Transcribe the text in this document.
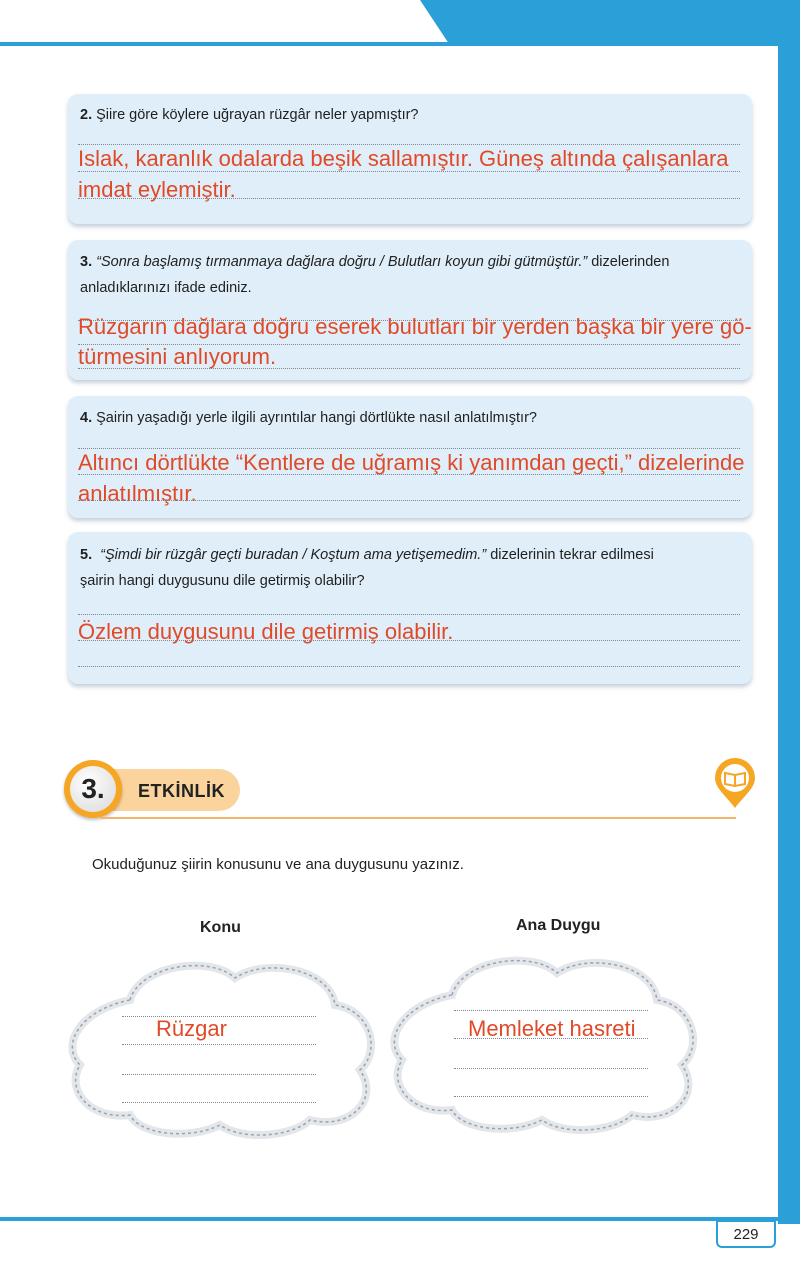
229
2. Şiire göre köylere uğrayan rüzgâr neler yapmıştır?
Islak, karanlık odalarda beşik sallamıştır. Güneş altında çalışanlara
imdat eylemiştir.
3. “Sonra başlamış tırmanmaya dağlara doğru / Bulutları koyun gibi gütmüştür.” dizelerinden
anladıklarınızı ifade ediniz.
Rüzgarın dağlara doğru eserek bulutları bir yerden başka bir yere gö-
türmesini anlıyorum.
4. Şairin yaşadığı yerle ilgili ayrıntılar hangi dörtlükte nasıl anlatılmıştır?
Altıncı dörtlükte “Kentlere de uğramış ki yanımdan geçti,” dizelerinde
anlatılmıştır.
5. “Şimdi bir rüzgâr geçti buradan / Koştum ama yetişemedim.” dizelerinin tekrar edilmesi
şairin hangi duygusunu dile getirmiş olabilir?
Özlem duygusunu dile getirmiş olabilir.
3.	ETKİNLİK
Okuduğunuz şiirin konusunu ve ana duygusunu yazınız.
Konu
Rüzgar
Ana Duygu
Memleket hasreti
